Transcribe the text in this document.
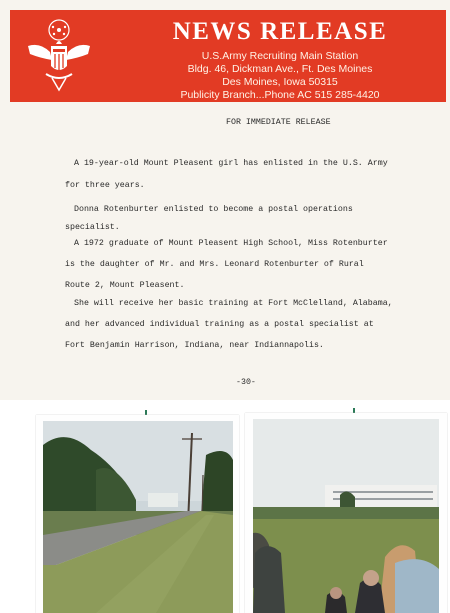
NEWS RELEASE
U.S.Army Recruiting Main Station
Bldg. 46, Dickman Ave., Ft. Des Moines
Des Moines, Iowa 50315
Publicity Branch...Phone AC 515 285-4420
FOR IMMEDIATE RELEASE
A 19-year-old Mount Pleasent girl has enlisted in the U.S. Army
for three years.
Donna Rotenburter enlisted to become a postal operations
specialist.
A 1972 graduate of Mount Pleasent High School, Miss Rotenburter
is the daughter of Mr. and Mrs. Leonard Rotenburter of Rural
Route 2, Mount Pleasent.
She will receive her basic training at Fort McClelland, Alabama,
and her advanced individual training as a postal specialist at
Fort Benjamin Harrison, Indiana, near Indiannapolis.
-30-
